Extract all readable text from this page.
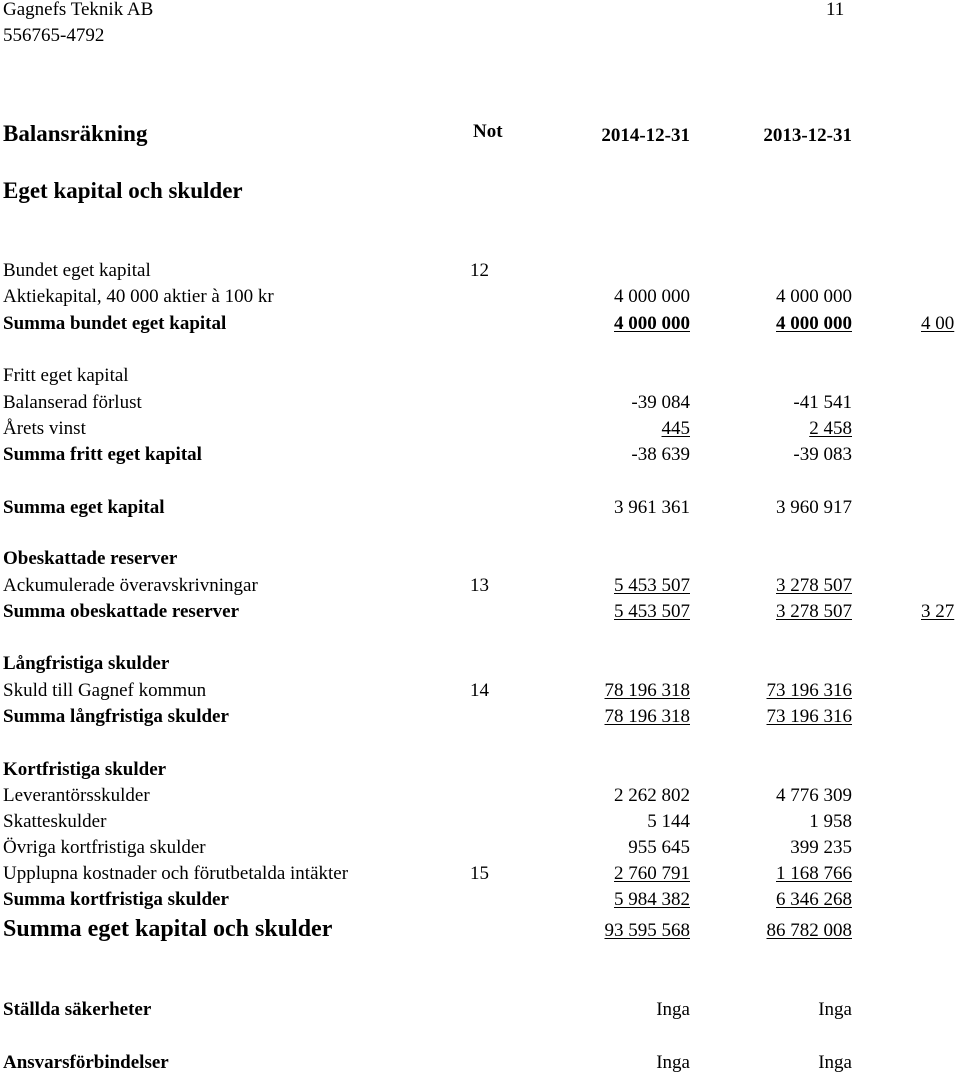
Gagnefs Teknik AB
556765-4792
11
Balansräkning	Not	2014-12-31	2013-12-31
Eget kapital och skulder
Bundet eget kapital	12
Aktiekapital, 40 000 aktier à 100 kr	4 000 000	4 000 000
Summa bundet eget kapital	4 000 000	4 000 000	4 00
Fritt eget kapital
Balanserad förlust	-39 084	-41 541
Årets vinst	445	2 458
Summa fritt eget kapital	-38 639	-39 083
Summa eget kapital	3 961 361	3 960 917
Obeskattade reserver
Ackumulerade överavskrivningar	13	5 453 507	3 278 507
Summa obeskattade reserver	5 453 507	3 278 507	3 27
Långfristiga skulder
Skuld till Gagnef kommun	14	78 196 318	73 196 316
Summa långfristiga skulder	78 196 318	73 196 316
Kortfristiga skulder
Leverantörsskulder	2 262 802	4 776 309
Skatteskulder	5 144	1 958
Övriga kortfristiga skulder	955 645	399 235
Upplupna kostnader och förutbetalda intäkter	15	2 760 791	1 168 766
Summa kortfristiga skulder	5 984 382	6 346 268
Summa eget kapital och skulder	93 595 568	86 782 008
Ställda säkerheter	Inga	Inga
Ansvarsförbindelser	Inga	Inga
